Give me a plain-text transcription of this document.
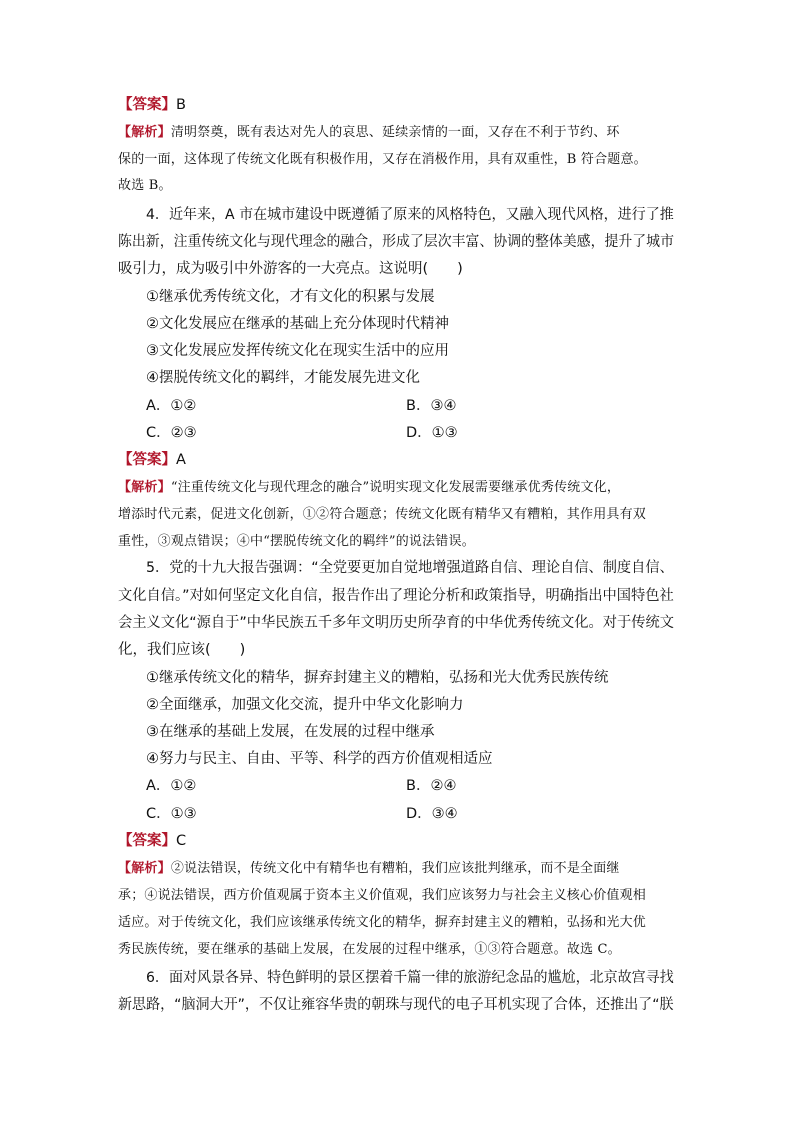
【答案】B
【解析】清明祭奠，既有表达对先人的哀思、延续亲情的一面，又存在不利于节约、环
保的一面，这体现了传统文化既有积极作用，又存在消极作用，具有双重性，B 符合题意。
故选 B。
4．近年来，A 市在城市建设中既遵循了原来的风格特色，又融入现代风格，进行了推
陈出新，注重传统文化与现代理念的融合，形成了层次丰富、协调的整体美感，提升了城市
吸引力，成为吸引中外游客的一大亮点。这说明(　　)
①继承优秀传统文化，才有文化的积累与发展
②文化发展应在继承的基础上充分体现时代精神
③文化发展应发挥传统文化在现实生活中的应用
④摆脱传统文化的羁绊，才能发展先进文化
A．①②	B．③④
C．②③	D．①③
【答案】A
【解析】“注重传统文化与现代理念的融合”说明实现文化发展需要继承优秀传统文化，
增添时代元素，促进文化创新，①②符合题意；传统文化既有精华又有糟粕，其作用具有双
重性，③观点错误；④中“摆脱传统文化的羁绊”的说法错误。
5．党的十九大报告强调：“全党要更加自觉地增强道路自信、理论自信、制度自信、
文化自信。”对如何坚定文化自信，报告作出了理论分析和政策指导，明确指出中国特色社
会主义文化“源自于”中华民族五千多年文明历史所孕育的中华优秀传统文化。对于传统文
化，我们应该(　　)
①继承传统文化的精华，摒弃封建主义的糟粕，弘扬和光大优秀民族传统
②全面继承，加强文化交流，提升中华文化影响力
③在继承的基础上发展，在发展的过程中继承
④努力与民主、自由、平等、科学的西方价值观相适应
A．①②	B．②④
C．①③	D．③④
【答案】C
【解析】②说法错误，传统文化中有精华也有糟粕，我们应该批判继承，而不是全面继
承；④说法错误，西方价值观属于资本主义价值观，我们应该努力与社会主义核心价值观相
适应。对于传统文化，我们应该继承传统文化的精华，摒弃封建主义的糟粕，弘扬和光大优
秀民族传统，要在继承的基础上发展，在发展的过程中继承，①③符合题意。故选 C。
6．面对风景各异、特色鲜明的景区摆着千篇一律的旅游纪念品的尴尬，北京故宫寻找
新思路，“脑洞大开”，不仅让雍容华贵的朝珠与现代的电子耳机实现了合体，还推出了“朕
